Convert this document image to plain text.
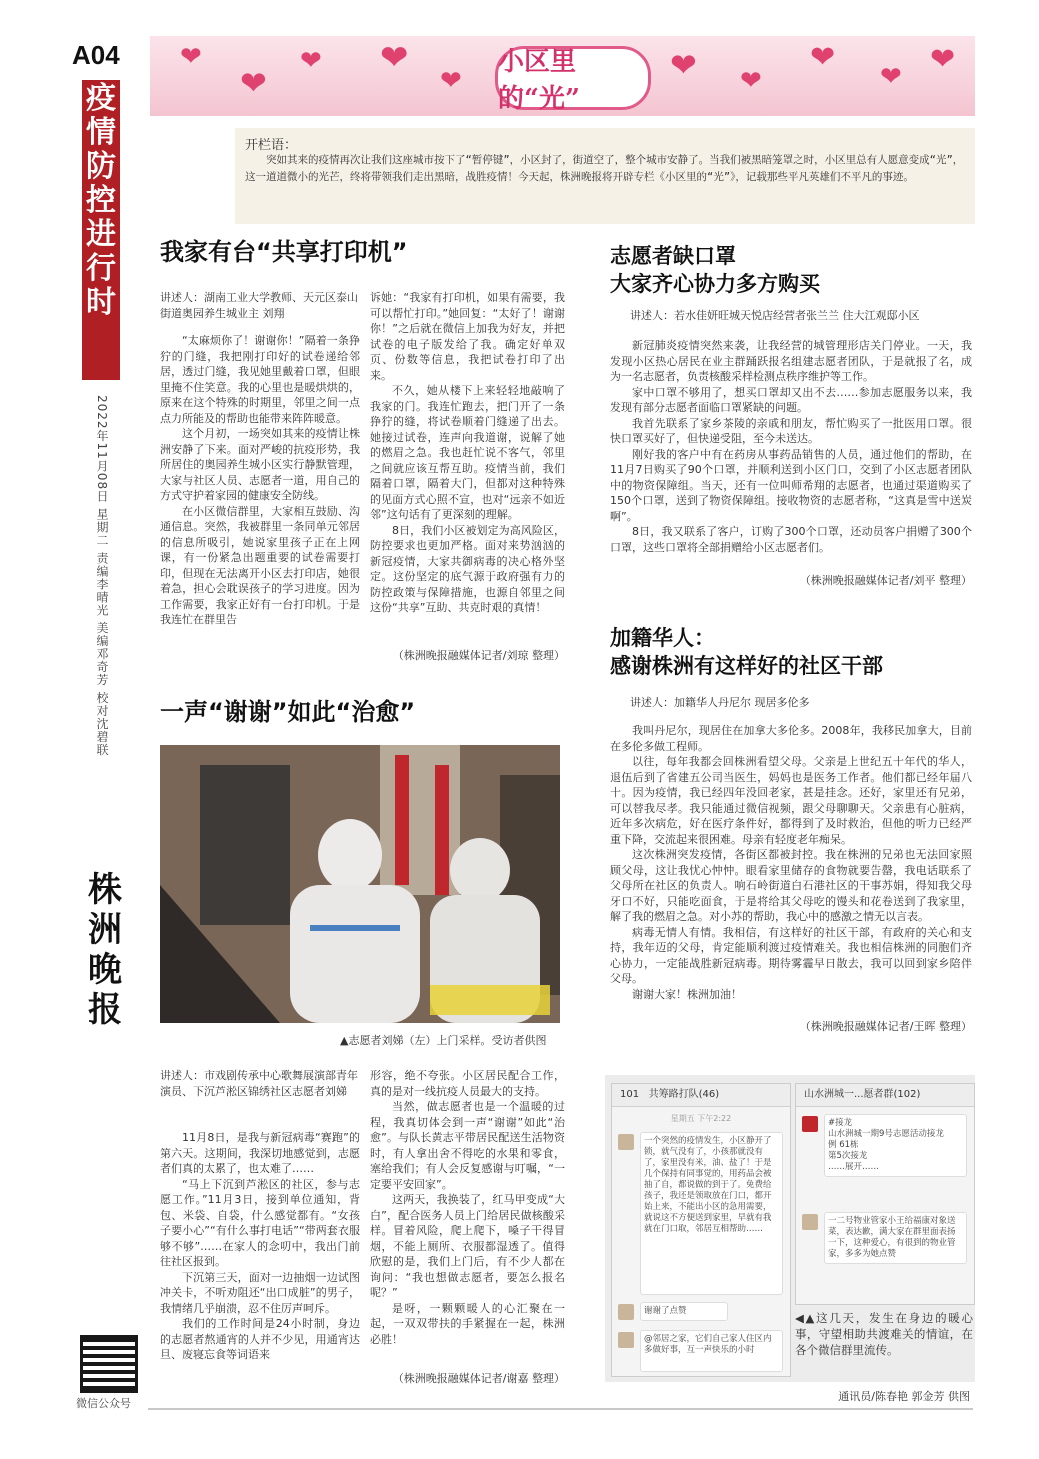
A04 ❤
❤
❤ ❤
❤
小区里的“光”
❤ ❤
❤
❤ ❤
疫情防控进行时
2022年11月08日 星期二 责编李晴光 美编邓奇芳 校对沈碧联
株洲晚报
微信公众号
开栏语：
突如其来的疫情再次让我们这座城市按下了“暂停键”，小区封了，街道空了，整个城市安静了。当我们被黑暗笼罩之时，小区里总有人愿意变成“光”，这一道道微小的光芒，终将带领我们走出黑暗，战胜疫情！今天起，株洲晚报将开辟专栏《小区里的“光”》，记载那些平凡英雄们不平凡的事迹。
我家有台“共享打印机”
讲述人：湖南工业大学教师、天元区泰山街道奥园养生城业主 刘翔

“太麻烦你了！谢谢你！”隔着一条狰狞的门缝，我把刚打印好的试卷递给邻居，透过门缝，我见她里戴着口罩，但眼里掩不住笑意。我的心里也是暖烘烘的，原来在这个特殊的时期里，邻里之间一点点力所能及的帮助也能带来阵阵暖意。

这个月初，一场突如其来的疫情让株洲安静了下来。面对严峻的抗疫形势，我所居住的奥园养生城小区实行静默管理，大家与社区人员、志愿者一道，用自己的方式守护着家园的健康安全防线。

在小区微信群里，大家相互鼓励、沟通信息。突然，我被群里一条同单元邻居的信息所吸引，她说家里孩子正在上网课，有一份紧急出题重要的试卷需要打印，但现在无法离开小区去打印店，她很着急，担心会耽误孩子的学习进度。因为工作需要，我家正好有一台打印机。于是我连忙在群里告

诉她：“我家有打印机，如果有需要，我可以帮忙打印。”她回复：“太好了！谢谢你！”之后就在微信上加我为好友，并把试卷的电子版发给了我。确定好单双页、份数等信息，我把试卷打印了出来。

不久，她从楼下上来轻轻地敲响了我家的门。我连忙跑去，把门开了一条狰狞的缝，将试卷顺着门缝递了出去。她接过试卷，连声向我道谢，说解了她的燃眉之急。我也赶忙说不客气，邻里之间就应该互帮互助。疫情当前，我们隔着口罩，隔着大门，但都对这种特殊的见面方式心照不宣，也对“远亲不如近邻”这句话有了更深刻的理解。

8日，我们小区被划定为高风险区，防控要求也更加严格。面对来势汹汹的新冠疫情，大家共御病毒的决心格外坚定。这份坚定的底气源于政府强有力的防控政策与保障措施，也源自邻里之间这份“共享”互助、共克时艰的真情！

（株洲晚报融媒体记者/刘琼 整理）
一声“谢谢”如此“治愈”
▲志愿者刘娣（左）上门采样。受访者供图
讲述人：市戏剧传承中心歌舞展演部青年演员、下沉芦淞区锦绣社区志愿者刘娣

11月8日，是我与新冠病毒“赛跑”的第六天。这期间，我深切地感觉到，志愿者们真的太累了，也太难了……

“马上下沉到芦淞区的社区，参与志愿工作。”11月3日，接到单位通知，背包、米袋、自袋，什么感觉都有。“女孩子要小心”“有什么事打电话”“带两套衣服够不够”……在家人的念叨中，我出门前往社区报到。

下沉第三天，面对一边抽烟一边试图冲关卡，不听劝阻还“出口成脏”的男子，我情绪几乎崩溃，忍不住厉声呵斥。

我们的工作时间是24小时制，身边的志愿者熬通宵的人并不少见，用通宵达旦、废寝忘食等词语来

形容，绝不夸张。小区居民配合工作，真的是对一线抗疫人员最大的支持。

当然，做志愿者也是一个温暖的过程，我真切体会到一声“谢谢”如此“治愈”。与队长黄志平带居民配送生活物资时，有人拿出舍不得吃的水果和零食，塞给我们；有人会反复感谢与叮嘱，“一定要平安回家”。

这两天，我换装了，红马甲变成“大白”，配合医务人员上门给居民做核酸采样。冒着风险，爬上爬下，嗓子干得冒烟，不能上厕所、衣服都湿透了。值得欣慰的是，我们上门后，有不少人都在询问：“我也想做志愿者，要怎么报名呢？”

是呀，一颗颗暖人的心汇聚在一起，一双双带扶的手紧握在一起，株洲必胜！

（株洲晚报融媒体记者/谢嘉 整理）
志愿者缺口罩
大家齐心协力多方购买
讲述人：若水佳妍旺城天悦店经营者张兰兰 住大江观邸小区

新冠肺炎疫情突然来袭，让我经营的城管理形店关门停业。一天，我发现小区热心居民在业主群踊跃报名组建志愿者团队，于是就报了名，成为一名志愿者，负责核酸采样检测点秩序维护等工作。

家中口罩不够用了，想买口罩却又出不去……参加志愿服务以来，我发现有部分志愿者面临口罩紧缺的问题。

我首先联系了家乡茶陵的亲戚和朋友，帮忙购买了一批医用口罩。很快口罩买好了，但快递受阻，至今未送达。

刚好我的客户中有在药房从事药品销售的人员，通过他们的帮助，在11月7日购买了90个口罩，并顺利送到小区门口，交到了小区志愿者团队中的物资保障组。当天，还有一位叫师希翔的志愿者，也通过渠道购买了150个口罩，送到了物资保障组。接收物资的志愿者称，“这真是雪中送炭啊”。

8日，我又联系了客户，订购了300个口罩，还动员客户捐赠了300个口罩，这些口罩将全部捐赠给小区志愿者们。

（株洲晚报融媒体记者/刘平 整理）
加籍华人：
感谢株洲有这样好的社区干部
讲述人：加籍华人丹尼尔 现居多伦多

我叫丹尼尔，现居住在加拿大多伦多。2008年，我移民加拿大，目前在多伦多做工程师。

以往，每年我都会回株洲看望父母。父亲是上世纪五十年代的华人，退伍后到了省建五公司当医生，妈妈也是医务工作者。他们都已经年届八十。因为疫情，我已经四年没回老家，甚是挂念。还好，家里还有兄弟，可以替我尽孝。我只能通过微信视频，跟父母聊聊天。父亲患有心脏病，近年多次病危，好在医疗条件好，都得到了及时救治，但他的听力已经严重下降，交流起来很困难。母亲有轻度老年痴呆。

这次株洲突发疫情，各街区都被封控。我在株洲的兄弟也无法回家照顾父母，这让我忧心忡忡。眼看家里储存的食物就要告罄，我电话联系了父母所在社区的负责人。响石岭街道白石港社区的干事苏娟，得知我父母牙口不好，只能吃面食，于是将给其父母吃的馒头和花卷送到了我家里，解了我的燃眉之急。对小苏的帮助，我心中的感激之情无以言表。

病毒无情人有情。我相信，有这样好的社区干部，有政府的关心和支持，我年迈的父母，肯定能顺利渡过疫情难关。我也相信株洲的同胞们齐心协力，一定能战胜新冠病毒。期待雾霾早日散去，我可以回到家乡陪伴父母。

谢谢大家！株洲加油！

（株洲晚报融媒体记者/王晖 整理）
101 共筹路打队(46)
星期五 下午2:22
一个突然的疫情发生，小区静开了锁，就气没有了，小孩那就没有了，家里没有米，油、盐了！于是几个保持有同事觉的，用药品会被抽了自，都说做的到于了。免费给孩子，我还是领取放在门口，都开始上来，不能出小区的急用需要，就说这不方便送到家里，早就有我就在门口取，邻居互相帮助……
谢谢了点赞
@邻居之家，它们自己家人住区内多做好事，互一声快乐的小时
山水洲城一...愿者群(102)
#接龙
山水洲城一期9号志愿活动接龙
例 61栋
第5次接龙
……展开……
一二号物业管家小王给福康对象送菜，表达歉，满大家在群里面表扬一下，这种爱心，有很到的物业管家，多多为她点赞
◀▲这几天，发生在身边的暖心事，守望相助共渡难关的情谊，在各个微信群里流传。
通讯员/陈春艳 郭金芳 供图
